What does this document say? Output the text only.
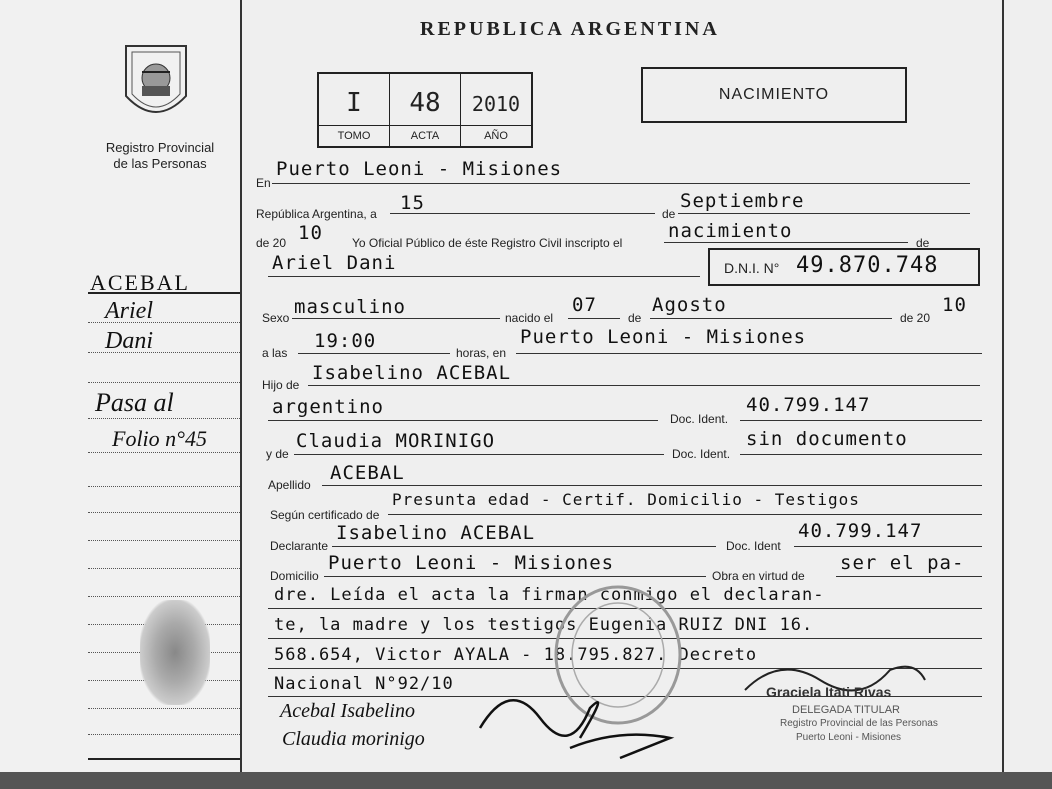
Registro Provincial
de las Personas
ACEBAL
Ariel
Dani
Pasa al
Folio n°45
REPUBLICA ARGENTINA
I
TOMO
48
ACTA
2010
AÑO
NACIMIENTO
En
Puerto Leoni - Misiones
República Argentina, a 15	de
Septiembre
de 20 10 Yo Oficial Público de éste Registro Civil inscripto el
nacimiento
de
Ariel Dani	D.N.I. N° 49.870.748
Sexo masculino	nacido el
07
de
Agosto
de 20
10
a las
19:00
horas, en
Puerto Leoni - Misiones
Hijo de
Isabelino ACEBAL
argentino
Doc. Ident.
40.799.147
y de
Claudia MORINIGO
Doc. Ident.
sin documento
Apellido
ACEBAL
Según certificado de
Presunta edad - Certif. Domicilio - Testigos
Declarante
Isabelino ACEBAL
Doc. Ident
40.799.147
Domicilio
Puerto Leoni - Misiones
Obra en virtud de
ser el pa-
dre. Leída el acta la firman conmigo el declaran-
te, la madre y los testigos Eugenia RUIZ DNI 16.
568.654, Victor AYALA - 18.795.827. Decreto
Nacional N°92/10
Acebal Isabelino
Claudia morinigo
Graciela Itati Rivas
DELEGADA TITULAR
Registro Provincial de las Personas
Puerto Leoni - Misiones
